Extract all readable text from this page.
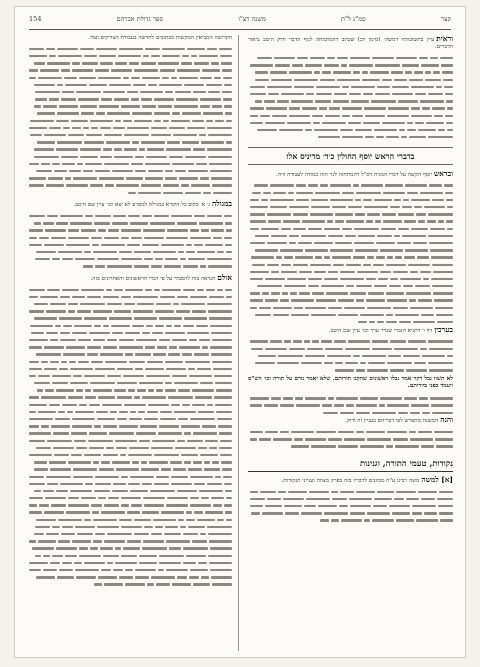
קצר
סמ"ג ל"ת
משנה רצ"ו
ספר גדולת אברהם
154

וראית׃עיין בתשובותיו דמשה׳ (סימן רב) שכתב דהמתמחה לגוף הדבר ודוק היטב ביאור הדברים.

בדברי הראש יוסף החולין כ׳ד׳ מדיניס אלו

ובראשיוסף הקשה על דברי המגיה דס"ל דהמתחזה לגוי הוה כמודה לעבודה זרה.

בערכיןדף ו׳ דתניא הנכרי שנדר ערך וכו׳ עיין שם היטב.

לא תשוו גבל דקר אמר גבלו ראשונים שהקנו תורותם. שלא יאמר גורם על תורה וכו׳ הש"ס ויעמד בפני ביורותם.

והנההמשנה מתפרש לפי דבריהם בעניין זה ודוק.

נקודות, טעמי התורה, וגנינות

[א] למשהמשה רבינו ע"ה מכוונים לדבריו בזה בפרק מצוות וענייני הנקודות.

הקדושה המביאין המקשות בכתובים לחדשה בעבודת הצדיקים ועוד.

במגולהג׳ א׳ כתוב כל הקורא במגילה למפרע לא יצא וכו׳ עיין שם היטב.

אולםהנראה בזה להסביר על פי דברי הראשונים והאחרונים בזה.
